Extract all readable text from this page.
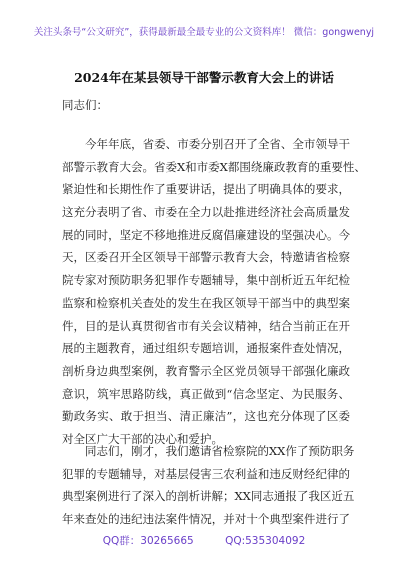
关注头条号“公文研究”，获得最新最全最专业的公文资料库！ 微信：gongwenyj
2024年在某县领导干部警示教育大会上的讲话
同志们：
　　今年年底，省委、市委分别召开了全省、全市领导干
部警示教育大会。省委X和市委X都围绕廉政教育的重要性、
紧迫性和长期性作了重要讲话，提出了明确具体的要求，
这充分表明了省、市委在全力以赴推进经济社会高质量发
展的同时，坚定不移地推进反腐倡廉建设的坚强决心。今
天，区委召开全区领导干部警示教育大会，特邀请省检察
院专家对预防职务犯罪作专题辅导，集中剖析近五年纪检
监察和检察机关查处的发生在我区领导干部当中的典型案
件，目的是认真贯彻省市有关会议精神，结合当前正在开
展的主题教育，通过组织专题培训，通报案件查处情况，
剖析身边典型案例，教育警示全区党员领导干部强化廉政
意识，筑牢思路防线，真正做到“信念坚定、为民服务、
勤政务实、敢于担当、清正廉洁”，这也充分体现了区委
对全区广大干部的决心和爱护。
　　同志们，刚才，我们邀请省检察院的XX作了预防职务
犯罪的专题辅导，对基层侵害三农利益和违反财经纪律的
典型案例进行了深入的剖析讲解；XX同志通报了我区近五
年来查处的违纪违法案件情况，并对十个典型案件进行了
QQ群：30265665	QQ:535304092
